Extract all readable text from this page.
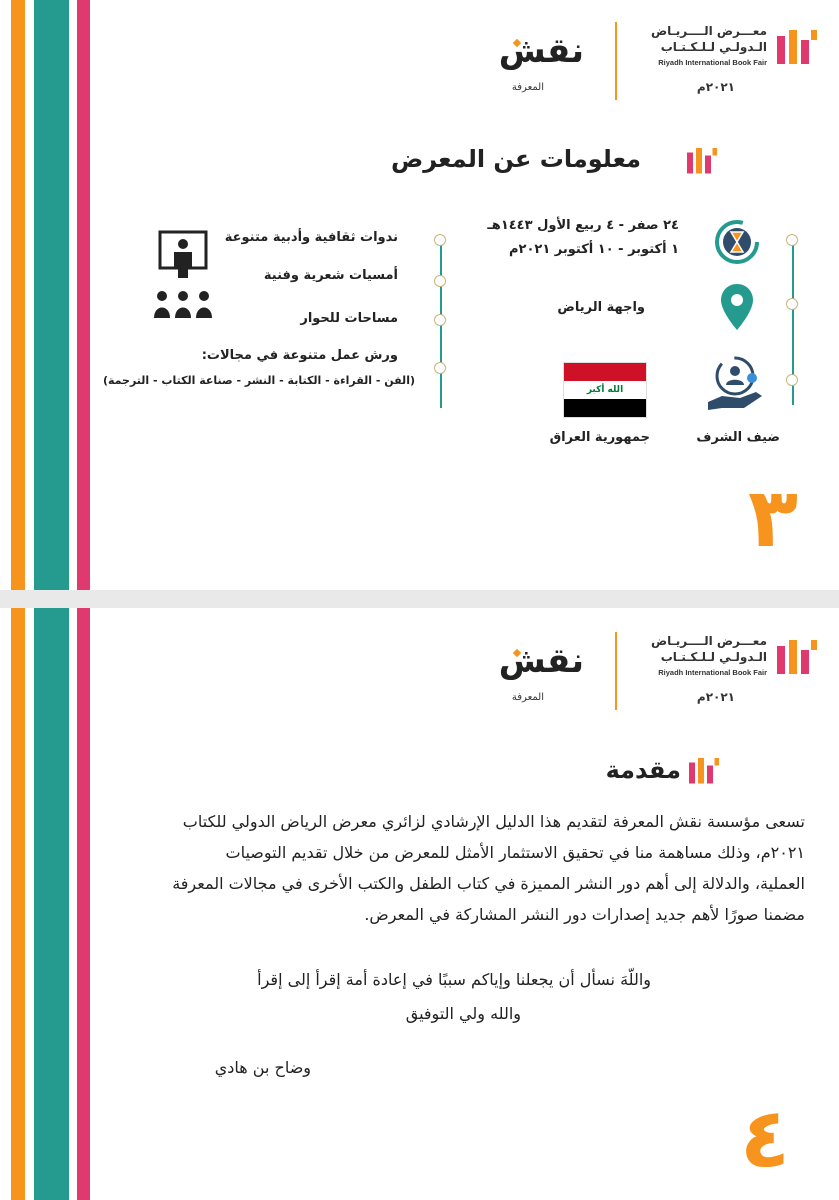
معـــرض الــــريـاض
الـدولـي لـلـكـتـاب
Riyadh International Book Fair
٢٠٢١م
نقش
المعرفة
معلومات عن المعرض
٢٤ صفر - ٤ ربيع الأول ١٤٤٣هـ
١ أكتوبر - ١٠ أكتوبر ٢٠٢١م
واجهة الرياض
ضيف الشرف
الله أكبر
جمهورية العراق
ندوات ثقافية وأدبية متنوعة
أمسيات شعرية وفنية
مساحات للحوار
ورش عمل متنوعة في مجالات:
(الفن - القراءة - الكتابة - النشر - صناعة الكتاب - الترجمة)
٣
معـــرض الــــريـاض
الـدولـي لـلـكـتـاب
Riyadh International Book Fair
٢٠٢١م
نقش
المعرفة
مقدمة
تسعى مؤسسة نقش المعرفة لتقديم هذا الدليل الإرشادي لزائري معرض الرياض الدولي للكتاب
٢٠٢١م، وذلك مساهمة منا في تحقيق الاستثمار الأمثل للمعرض من خلال تقديم التوصيات
العملية، والدلالة إلى أهم دور النشر المميزة في كتاب الطفل والكتب الأخرى في مجالات المعرفة
مضمنا صورًا لأهم جديد إصدارات دور النشر المشاركة في المعرض.
واللّهَ نسأل أن يجعلنا وإياكم سببًا في إعادة أمة إقرأ إلى إقرأ
والله ولي التوفيق
وضاح بن هادي
٤
